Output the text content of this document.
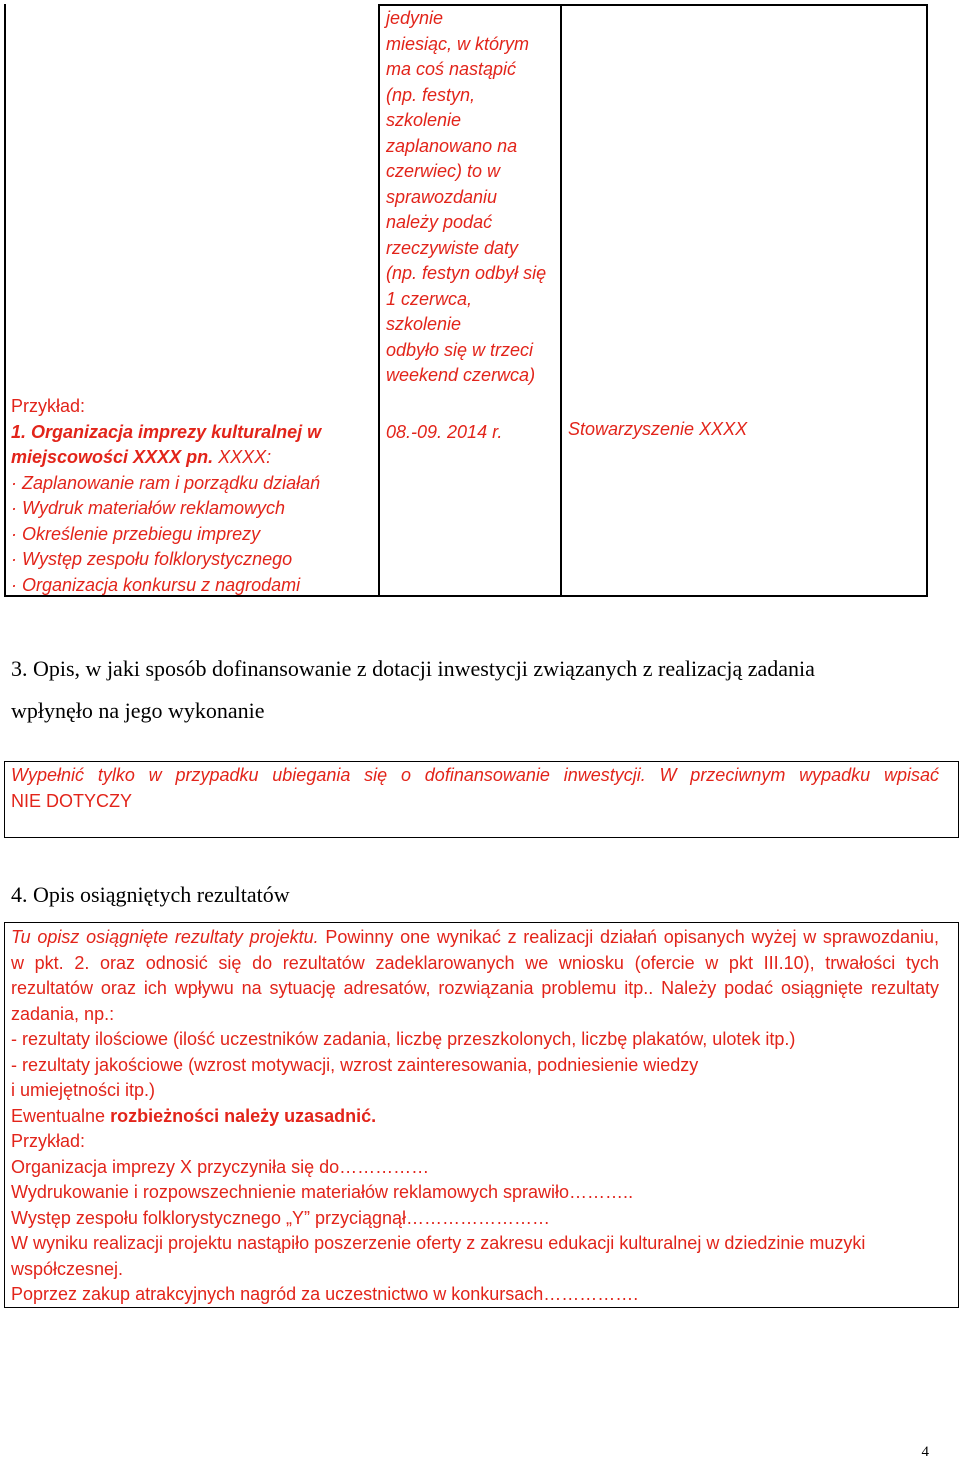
jedynie
miesiąc, w którym
ma coś nastąpić
(np. festyn,
szkolenie
zaplanowano na
czerwiec) to w
sprawozdaniu
należy podać
rzeczywiste daty
(np. festyn odbył się
1 czerwca,
szkolenie
odbyło się w trzeci
weekend czerwca)
Przykład:
1. Organizacja imprezy kulturalnej w
miejscowości XXXX pn. XXXX:
· Zaplanowanie ram i porządku działań
· Wydruk materiałów reklamowych
· Określenie przebiegu imprezy
· Występ zespołu folklorystycznego
· Organizacja konkursu z nagrodami
08.-09. 2014 r.	Stowarzyszenie XXXX
3. Opis, w jaki sposób dofinansowanie z dotacji inwestycji związanych z realizacją zadania
wpłynęło na jego wykonanie
Wypełnić tylko w przypadku ubiegania się o dofinansowanie inwestycji. W przeciwnym wypadku wpisać
NIE DOTYCZY
4. Opis osiągniętych rezultatów
Tu opisz osiągnięte rezultaty projektu. Powinny one wynikać z realizacji działań opisanych wyżej w sprawozdaniu,
w pkt. 2. oraz odnosić się do rezultatów zadeklarowanych we wniosku (ofercie w pkt III.10), trwałości tych
rezultatów oraz ich wpływu na sytuację adresatów, rozwiązania problemu itp.. Należy podać osiągnięte rezultaty
zadania, np.:
- rezultaty ilościowe (ilość uczestników zadania, liczbę przeszkolonych, liczbę plakatów, ulotek itp.)
- rezultaty jakościowe (wzrost motywacji, wzrost zainteresowania, podniesienie wiedzy
i umiejętności itp.)
Ewentualne rozbieżności należy uzasadnić.
Przykład:
Organizacja imprezy X przyczyniła się do……………
Wydrukowanie i rozpowszechnienie materiałów reklamowych sprawiło………..
Występ zespołu folklorystycznego „Y” przyciągnął……………………
W wyniku realizacji projektu nastąpiło poszerzenie oferty z zakresu edukacji kulturalnej w dziedzinie muzyki
współczesnej.
Poprzez zakup atrakcyjnych nagród za uczestnictwo w konkursach…………….
4
